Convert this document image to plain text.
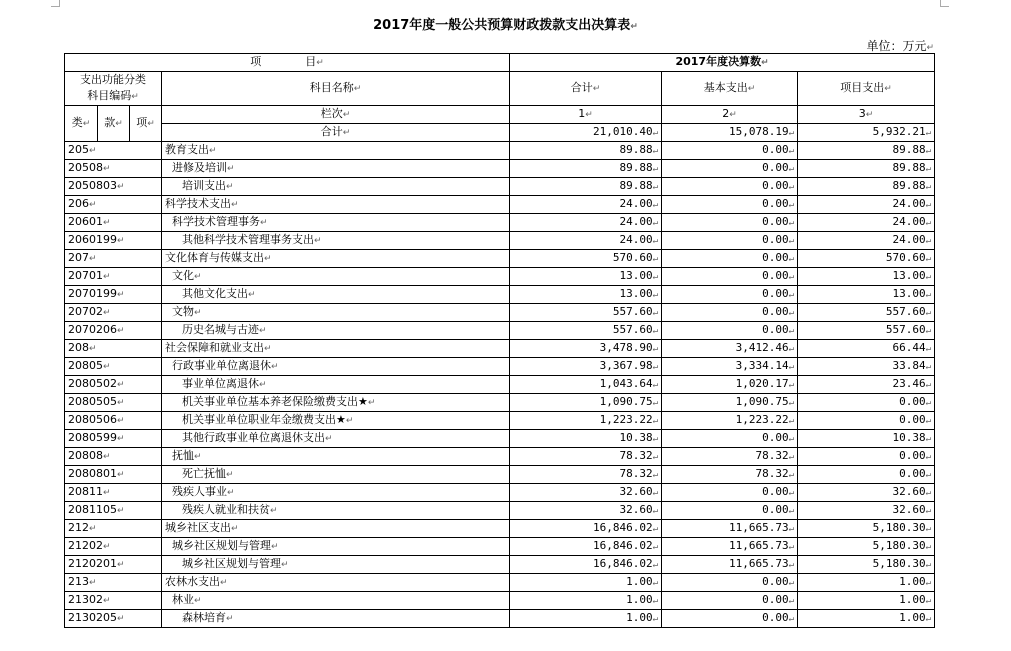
2017年度一般公共预算财政拨款支出决算表 ↵
单位：万元 ↵
项　　　　目 ↵				2017年度决算数 ↵
支出功能分类
科目编码 ↵			科目名称 ↵	合计 ↵	基本支出 ↵	项目支出 ↵
类 ↵	款 ↵	项 ↵	栏次 ↵	1 ↵	2 ↵	3 ↵
			合计 ↵	21,010.40 ↵	15,078.19 ↵	5,932.21 ↵
205 ↵			教育支出 ↵	89.88 ↵	0.00 ↵	89.88 ↵
20508 ↵			进修及培训 ↵	89.88 ↵	0.00 ↵	89.88 ↵
2050803 ↵			培训支出 ↵	89.88 ↵	0.00 ↵	89.88 ↵
206 ↵			科学技术支出 ↵	24.00 ↵	0.00 ↵	24.00 ↵
20601 ↵			科学技术管理事务 ↵	24.00 ↵	0.00 ↵	24.00 ↵
2060199 ↵			其他科学技术管理事务支出 ↵	24.00 ↵	0.00 ↵	24.00 ↵
207 ↵			文化体育与传媒支出 ↵	570.60 ↵	0.00 ↵	570.60 ↵
20701 ↵			文化 ↵	13.00 ↵	0.00 ↵	13.00 ↵
2070199 ↵			其他文化支出 ↵	13.00 ↵	0.00 ↵	13.00 ↵
20702 ↵			文物 ↵	557.60 ↵	0.00 ↵	557.60 ↵
2070206 ↵			历史名城与古迹 ↵	557.60 ↵	0.00 ↵	557.60 ↵
208 ↵			社会保障和就业支出 ↵	3,478.90 ↵	3,412.46 ↵	66.44 ↵
20805 ↵			行政事业单位离退休 ↵	3,367.98 ↵	3,334.14 ↵	33.84 ↵
2080502 ↵			事业单位离退休 ↵	1,043.64 ↵	1,020.17 ↵	23.46 ↵
2080505 ↵			机关事业单位基本养老保险缴费支出★ ↵	1,090.75 ↵	1,090.75 ↵	0.00 ↵
2080506 ↵			机关事业单位职业年金缴费支出★ ↵	1,223.22 ↵	1,223.22 ↵	0.00 ↵
2080599 ↵			其他行政事业单位离退休支出 ↵	10.38 ↵	0.00 ↵	10.38 ↵
20808 ↵			抚恤 ↵	78.32 ↵	78.32 ↵	0.00 ↵
2080801 ↵			死亡抚恤 ↵	78.32 ↵	78.32 ↵	0.00 ↵
20811 ↵			残疾人事业 ↵	32.60 ↵	0.00 ↵	32.60 ↵
2081105 ↵			残疾人就业和扶贫 ↵	32.60 ↵	0.00 ↵	32.60 ↵
212 ↵			城乡社区支出 ↵	16,846.02 ↵	11,665.73 ↵	5,180.30 ↵
21202 ↵			城乡社区规划与管理 ↵	16,846.02 ↵	11,665.73 ↵	5,180.30 ↵
2120201 ↵			城乡社区规划与管理 ↵	16,846.02 ↵	11,665.73 ↵	5,180.30 ↵
213 ↵			农林水支出 ↵	1.00 ↵	0.00 ↵	1.00 ↵
21302 ↵			林业 ↵	1.00 ↵	0.00 ↵	1.00 ↵
2130205 ↵			森林培育 ↵	1.00 ↵	0.00 ↵	1.00 ↵
